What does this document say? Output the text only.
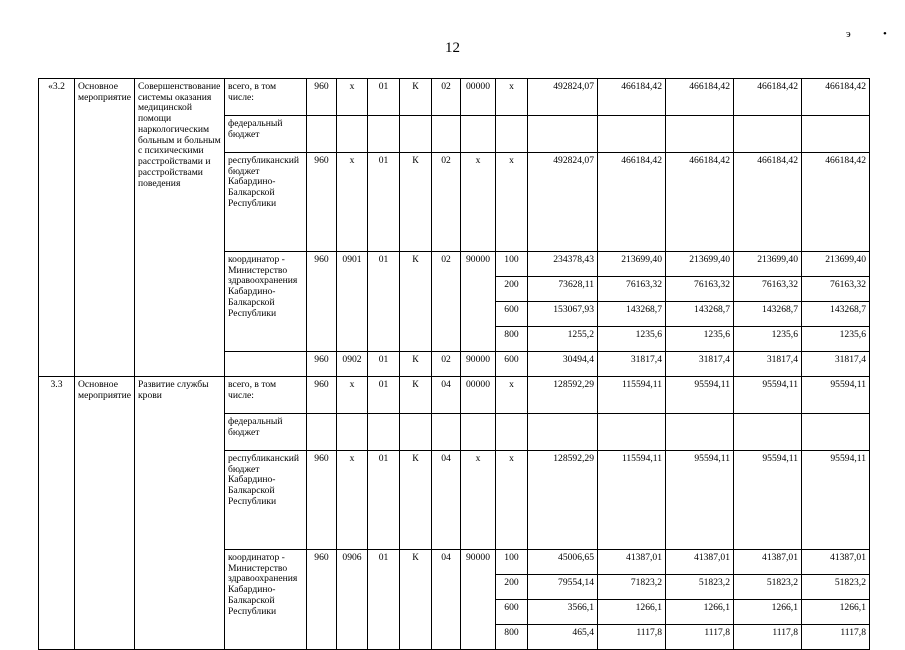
12
э	•
«3.2	Основное мероприятие	Совершенствование системы оказания медицинской помощи наркологическим больным и больным с психическими расстройствами и расстройствами поведения	всего, в том числе:	960	х	01	К	02	00000	х	492824,07	466184,42	466184,42	466184,42	466184,42
			федеральный бюджет												
			республиканский бюджет Кабардино-Балкарской Республики	960	х	01	К	02	х	х	492824,07	466184,42	466184,42	466184,42	466184,42
			координатор - Министерство здравоохранения Кабардино-Балкарской Республики	960	0901	01	К	02	90000	100	234378,43	213699,40	213699,40	213699,40	213699,40
										200	73628,11	76163,32	76163,32	76163,32	76163,32
										600	153067,93	143268,7	143268,7	143268,7	143268,7
										800	1255,2	1235,6	1235,6	1235,6	1235,6
				960	0902	01	К	02	90000	600	30494,4	31817,4	31817,4	31817,4	31817,4
3.3	Основное мероприятие	Развитие службы крови	всего, в том числе:	960	х	01	К	04	00000	х	128592,29	115594,11	95594,11	95594,11	95594,11
			федеральный бюджет												
			республиканский бюджет Кабардино-Балкарской Республики	960	х	01	К	04	х	х	128592,29	115594,11	95594,11	95594,11	95594,11
			координатор - Министерство здравоохранения Кабардино-Балкарской Республики	960	0906	01	К	04	90000	100	45006,65	41387,01	41387,01	41387,01	41387,01
										200	79554,14	71823,2	51823,2	51823,2	51823,2
										600	3566,1	1266,1	1266,1	1266,1	1266,1
										800	465,4	1117,8	1117,8	1117,8	1117,8
